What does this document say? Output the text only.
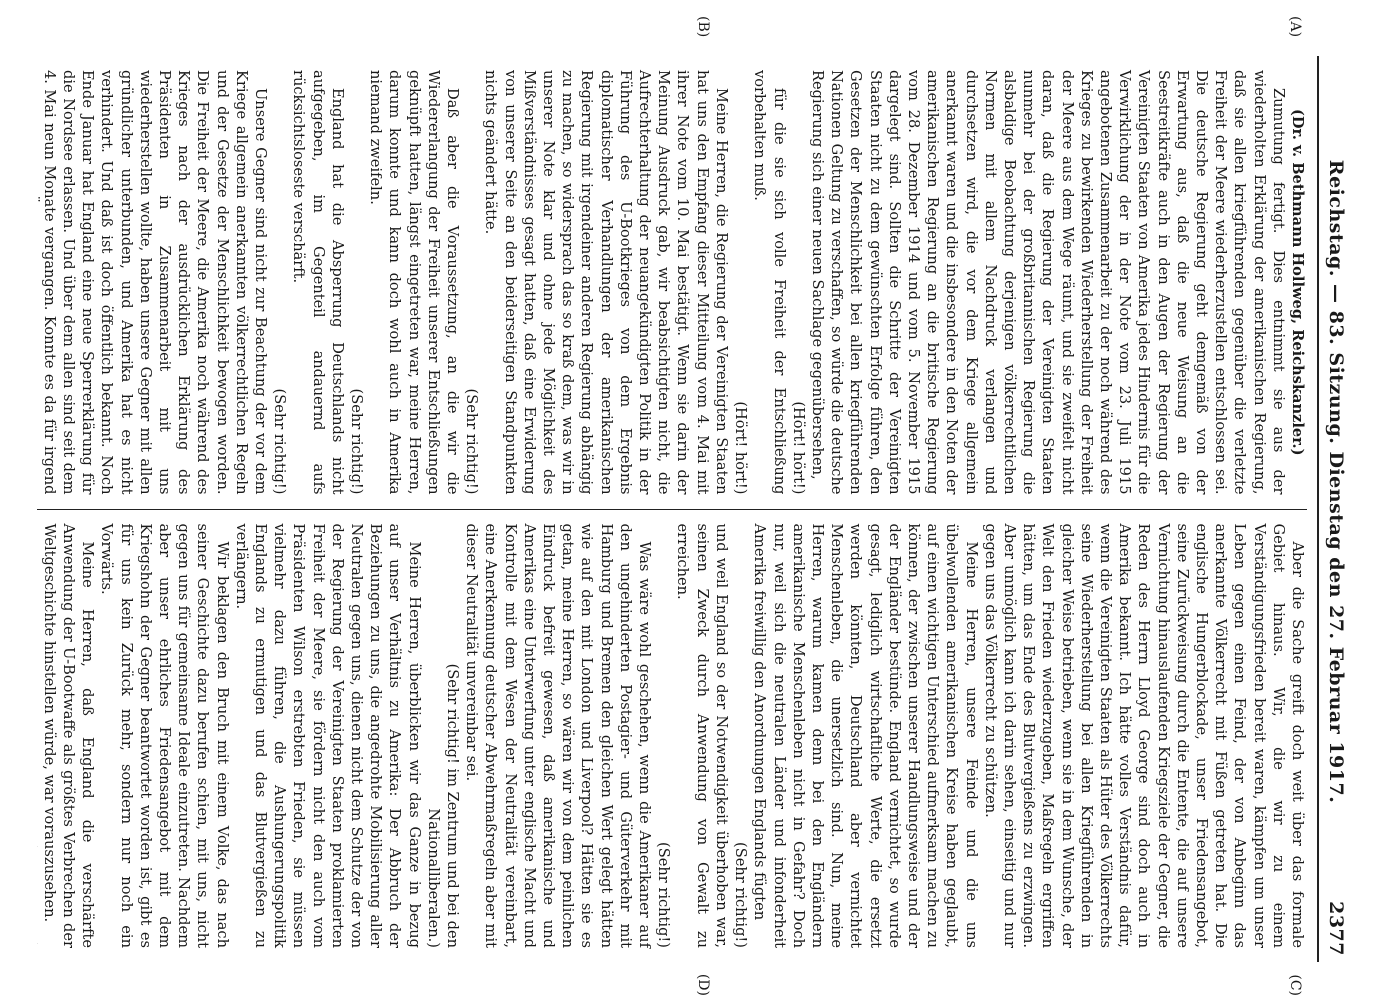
Reichstag. — 83. Sitzung. Dienstag den 27. Februar 1917.
2377
(A)
(B)
(C)
(D)

(Dr. v. Bethmann Hollweg, Reichskanzler.)

Zumutung fertigt. Dies entnimmt sie aus der wiederholten Erklärung der amerikanischen Regierung, daß sie allen kriegführenden gegenüber die verletzte Freiheit der Meere wiederherzustellen entschlossen sei. Die deutsche Regierung geht demgemäß von der Erwartung aus, daß die neue Weisung an die Seestreitkräfte auch in den Augen der Regierung der Vereinigten Staaten von Amerika jedes Hindernis für die Verwirklichung der in der Note vom 23. Juli 1915 angebotenen Zusammenarbeit zu der noch während des Krieges zu bewirkenden Wiederherstellung der Freiheit der Meere aus dem Wege räumt, und sie zweifelt nicht daran, daß die Regierung der Vereinigten Staaten nunmehr bei der großbritannischen Regierung die alsbaldige Beobachtung derjenigen völkerrechtlichen Normen mit allem Nachdruck verlangen und durchsetzen wird, die vor dem Kriege allgemein anerkannt waren und die insbesondere in den Noten der amerikanischen Regierung an die britische Regierung vom 28. Dezember 1914 und vom 5. November 1915 dargelegt sind. Sollten die Schritte der Vereinigten Staaten nicht zu dem gewünschten Erfolge führen, den Gesetzen der Menschlichkeit bei allen kriegführenden Nationen Geltung zu verschaffen, so würde die deutsche Regierung sich einer neuen Sachlage gegenübersehen,

(Hört! hört!)

für die sie sich volle Freiheit der Entschließung vorbehalten muß.

(Hört! hört!)

Meine Herren, die Regierung der Vereinigten Staaten hat uns den Empfang dieser Mitteilung vom 4. Mai mit ihrer Note vom 10. Mai bestätigt. Wenn sie darin der Meinung Ausdruck gab, wir beabsichtigten nicht, die Aufrechterhaltung der neuangekündigten Politik in der Führung des U-Bootkrieges von dem Ergebnis diplomatischer Verhandlungen der amerikanischen Regierung mit irgendeiner anderen Regierung abhängig zu machen, so widersprach das so kraß dem, was wir in unserer Note klar und ohne jede Möglichkeit des Mißverständnisses gesagt hatten, daß eine Erwiderung von unserer Seite an den beiderseitigen Standpunkten nichts geändert hätte.

(Sehr richtig!)

Daß aber die Voraussetzung, an die wir die Wiedererlangung der Freiheit unserer Entschließungen geknüpft hatten, längst eingetreten war, meine Herren, darum konnte und kann doch wohl auch in Amerika niemand zweifeln.

(Sehr richtig!)

England hat die Absperrung Deutschlands nicht aufgegeben, im Gegenteil andauernd aufs rücksichtsloseste verschärft.

(Sehr richtig!)

Unsere Gegner sind nicht zur Beachtung der vor dem Kriege allgemein anerkannten völkerrechtlichen Regeln und der Gesetze der Menschlichkeit bewogen worden. Die Freiheit der Meere, die Amerika noch während des Krieges nach der ausdrücklichen Erklärung des Präsidenten in Zusammenarbeit mit uns wiederherstellen wollte, haben unsere Gegner mit allen gründlicher unterbunden, und Amerika hat es nicht verhindert. Und daß ist doch öffentlich bekannt. Noch Ende Januar hat England eine neue Sperrerklärung für die Nordsee erlassen. Und über dem allen sind seit dem 4. Mai neun Monate vergangen. Konnte es da für irgend

Aber die Sache greift doch weit über das formale Gebiet hinaus. Wir, die wir zu einem Verständigungsfrieden bereit waren, kämpfen um unser Leben gegen einen Feind, der von Anbeginn das anerkannte Völkerrecht mit Füßen getreten hat. Die englische Hungerblockade, unser Friedensangebot, seine Zurückweisung durch die Entente, die auf unsere Vernichtung hinauslaufenden Kriegsziele der Gegner, die Reden des Herrn Lloyd George sind doch auch in Amerika bekannt. Ich hätte volles Verständnis dafür, wenn die Vereinigten Staaten als Hüter des Völkerrechts seine Wiederherstellung bei allen Kriegführenden in gleicher Weise betrieben, wenn sie in dem Wunsche, der Welt den Frieden wiederzugeben, Maßregeln ergriffen hätten, um das Ende des Blutvergießens zu erzwingen. Aber unmöglich kann ich darin sehen, einseitig und nur gegen uns das Völkerrecht zu schützen.

Meine Herren, unsere Feinde und die uns übelwollenden amerikanischen Kreise haben geglaubt, auf einen wichtigen Unterschied aufmerksam machen zu können, der zwischen unserer Handlungsweise und der der Engländer bestünde. England vernichtet, so wurde gesagt, lediglich wirtschaftliche Werte, die ersetzt werden könnten, Deutschland aber vernichtet Menschenleben, die unersetzlich sind. Nun, meine Herren, warum kamen denn bei den Engländern amerikanische Menschenleben nicht in Gefahr? Doch nur, weil sich die neutralen Länder und infonderheit Amerika freiwillig den Anordnungen Englands fügten

(Sehr richtig!)

und weil England so der Notwendigkeit überhoben war, seinen Zweck durch Anwendung von Gewalt zu erreichen.

(Sehr richtig!)

Was wäre wohl geschehen, wenn die Amerikaner auf den ungehinderten Postagier- und Güterverkehr mit Hamburg und Bremen den gleichen Wert gelegt hätten wie auf den mit London und Liverpool? Hätten sie es getan, meine Herren, so wären wir von dem peinlichen Eindruck befreit gewesen, daß amerikanische und Amerikas eine Unterwerfung unter englische Macht und Kontrolle mit dem Wesen der Neutralität vereinbart, eine Anerkennung deutscher Abwehrmaßregeln aber mit dieser Neutralität unvereinbar sei.

(Sehr richtig! im Zentrum und bei den Nationalliberalen.)

Meine Herren, überblicken wir das Ganze in bezug auf unser Verhältnis zu Amerika: Der Abbruch der Beziehungen zu uns, die angedrohte Mobilisierung aller Neutralen gegen uns, dienen nicht dem Schutze der von der Regierung der Vereinigten Staaten proklamierten Freiheit der Meere, sie fördern nicht den auch vom Präsidenten Wilson erstrebten Frieden, sie müssen vielmehr dazu führen, die Aushungerungspolitik Englands zu ermutigen und das Blutvergießen zu verlängern.

Wir beklagen den Bruch mit einem Volke, das nach seiner Geschichte dazu berufen schien, mit uns, nicht gegen uns für gemeinsame Ideale einzutreten. Nachdem aber unser ehrliches Friedensangebot mit dem Kriegshohn der Gegner beantwortet worden ist, gibt es für uns kein Zurück mehr, sondern nur noch ein Vorwärts.

Meine Herren, daß England die verschärfte Anwendung der U-Bootwaffe als größtes Verbrechen der Weltgeschichte hinstellen würde, war vorauszusehen.
